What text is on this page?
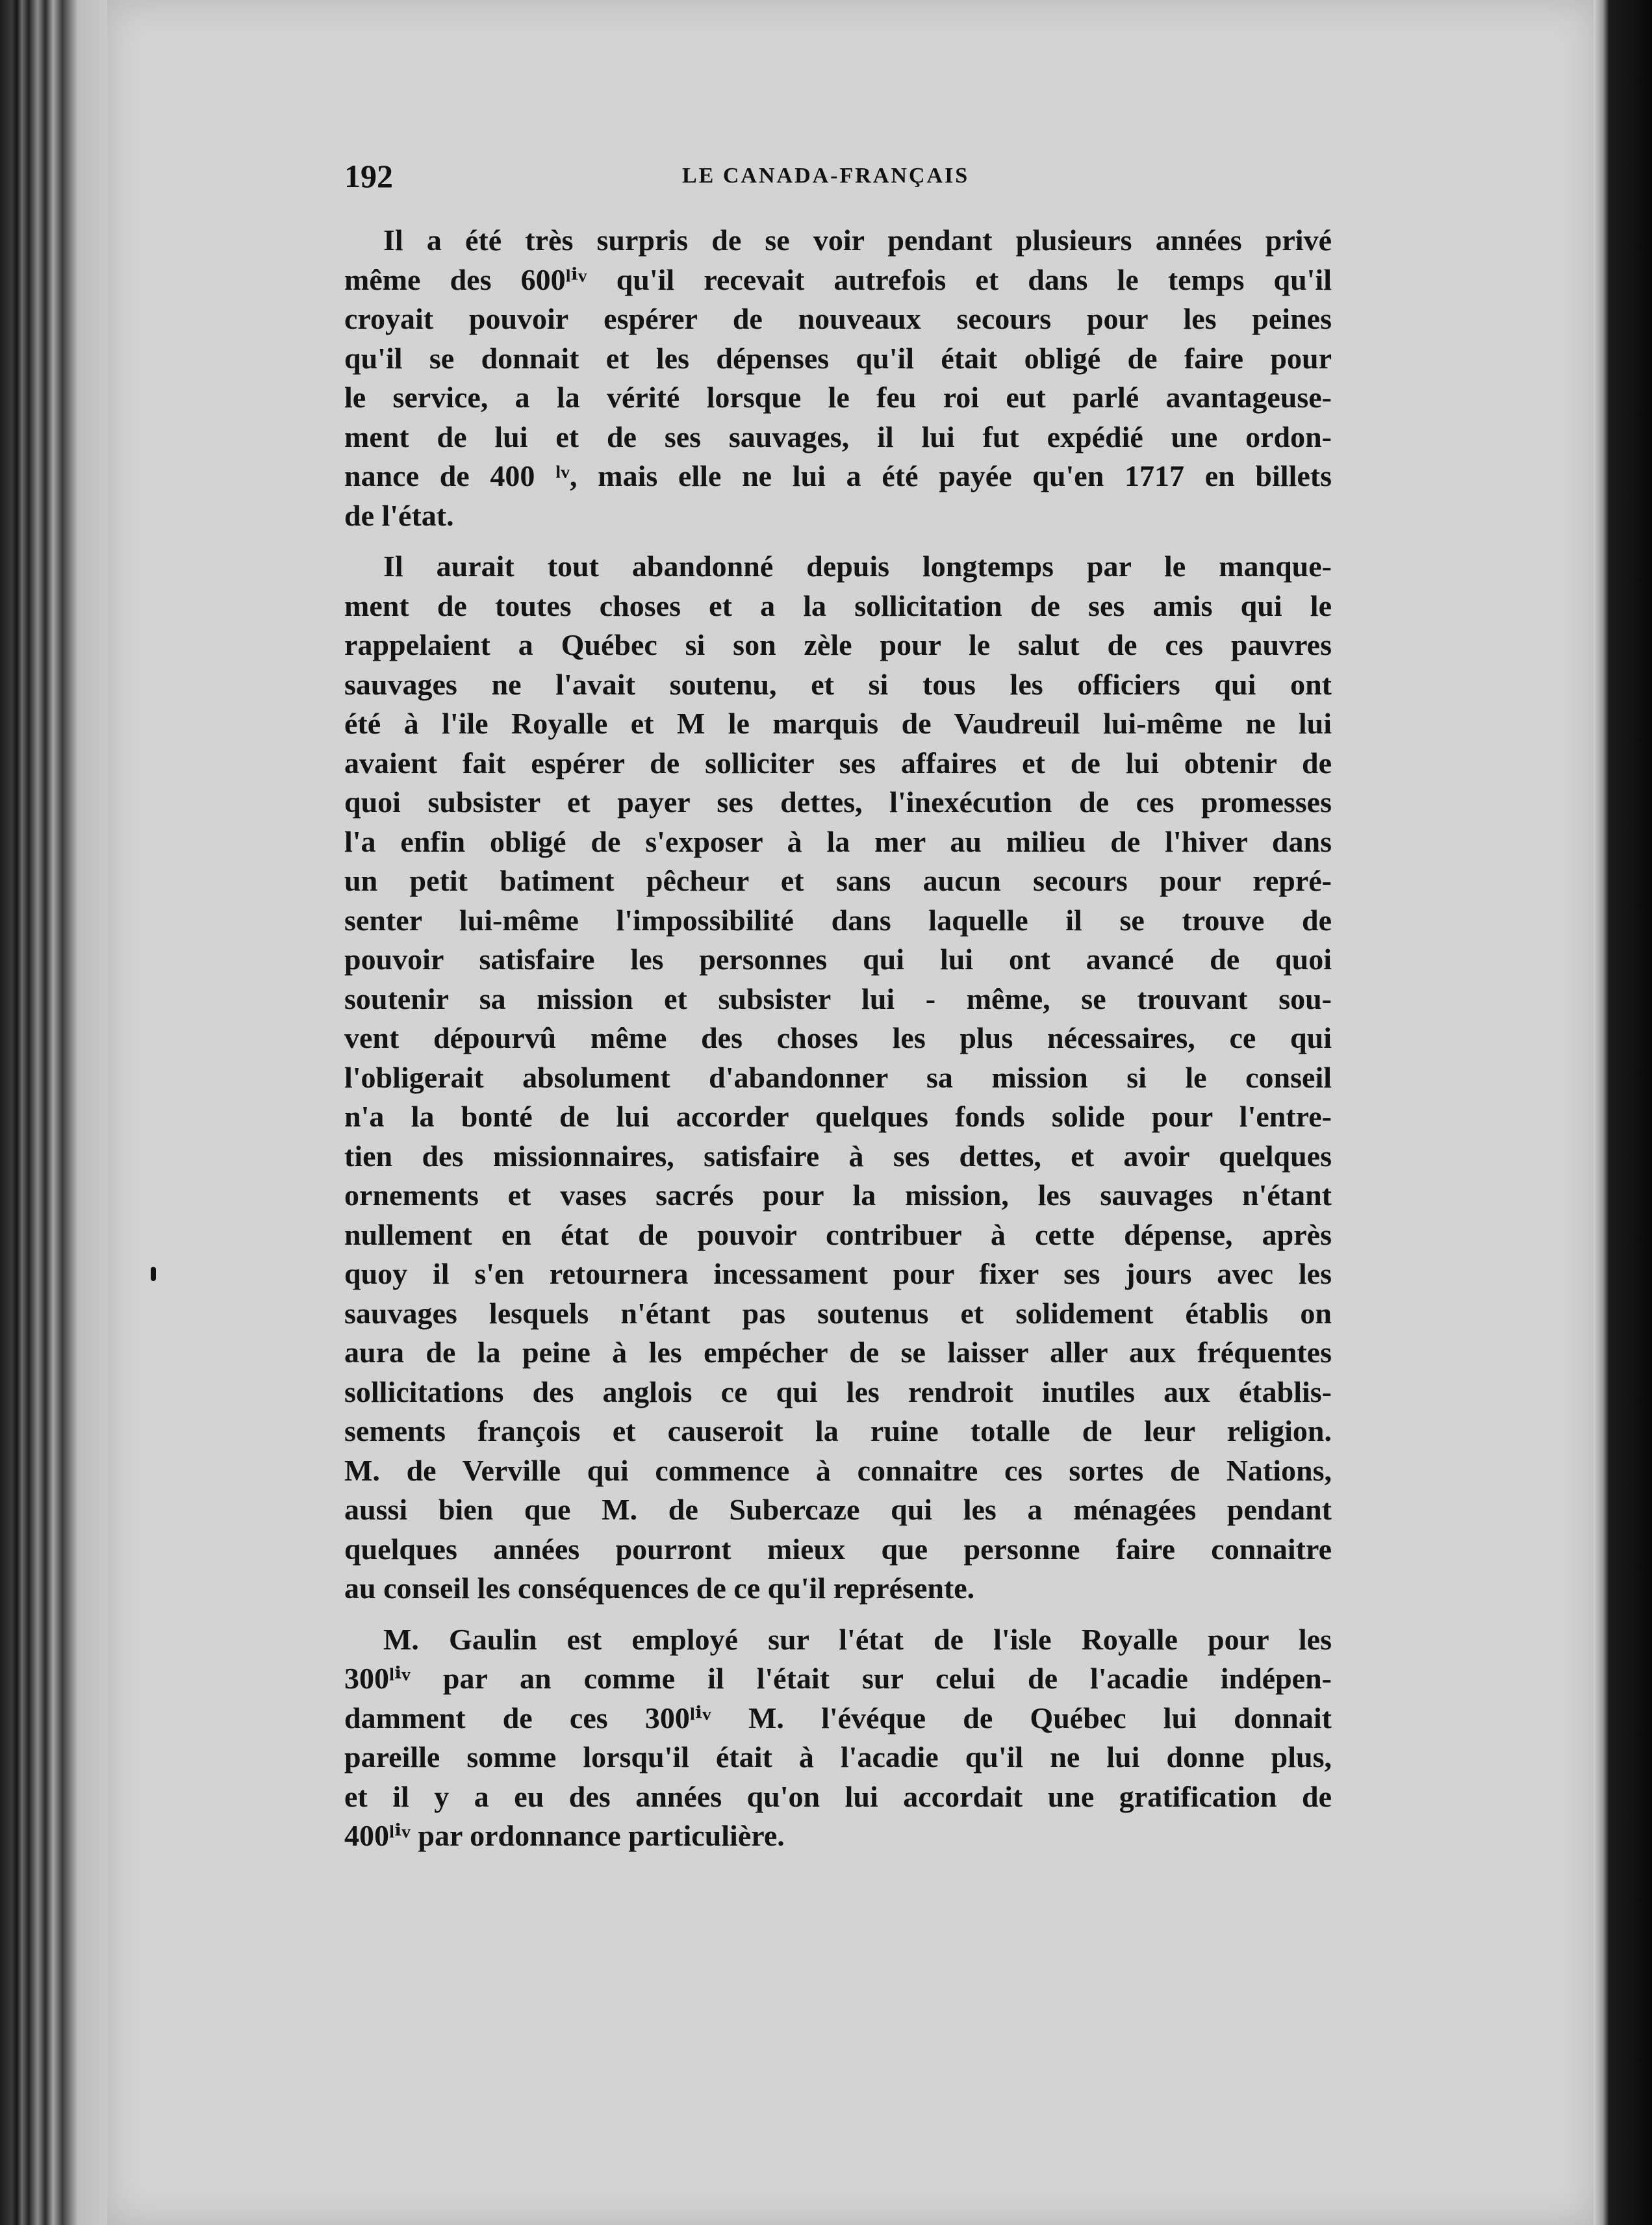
192	LE CANADA-FRANÇAIS
Il a été très surpris de se voir pendant plusieurs années privé
même des 600ˡⁱᵛ qu'il recevait autrefois et dans le temps qu'il
croyait pouvoir espérer de nouveaux secours pour les peines
qu'il se donnait et les dépenses qu'il était obligé de faire pour
le service, a la vérité lorsque le feu roi eut parlé avantageuse-
ment de lui et de ses sauvages, il lui fut expédié une ordon-
nance de 400 ˡᵛ, mais elle ne lui a été payée qu'en 1717 en billets
de l'état.
Il aurait tout abandonné depuis longtemps par le manque-
ment de toutes choses et a la sollicitation de ses amis qui le
rappelaient a Québec si son zèle pour le salut de ces pauvres
sauvages ne l'avait soutenu, et si tous les officiers qui ont
été à l'ile Royalle et M le marquis de Vaudreuil lui-même ne lui
avaient fait espérer de solliciter ses affaires et de lui obtenir de
quoi subsister et payer ses dettes, l'inexécution de ces promesses
l'a enfin obligé de s'exposer à la mer au milieu de l'hiver dans
un petit batiment pêcheur et sans aucun secours pour repré-
senter lui-même l'impossibilité dans laquelle il se trouve de
pouvoir satisfaire les personnes qui lui ont avancé de quoi
soutenir sa mission et subsister lui - même, se trouvant sou-
vent dépourvû même des choses les plus nécessaires, ce qui
l'obligerait absolument d'abandonner sa mission si le conseil
n'a la bonté de lui accorder quelques fonds solide pour l'entre-
tien des missionnaires, satisfaire à ses dettes, et avoir quelques
ornements et vases sacrés pour la mission, les sauvages n'étant
nullement en état de pouvoir contribuer à cette dépense, après
quoy il s'en retournera incessament pour fixer ses jours avec les
sauvages lesquels n'étant pas soutenus et solidement établis on
aura de la peine à les empécher de se laisser aller aux fréquentes
sollicitations des anglois ce qui les rendroit inutiles aux établis-
sements françois et causeroit la ruine totalle de leur religion.
M. de Verville qui commence à connaitre ces sortes de Nations,
aussi bien que M. de Subercaze qui les a ménagées pendant
quelques années pourront mieux que personne faire connaitre
au conseil les conséquences de ce qu'il représente.
M. Gaulin est employé sur l'état de l'isle Royalle pour les
300ˡⁱᵛ par an comme il l'était sur celui de l'acadie indépen-
damment de ces 300ˡⁱᵛ M. l'évéque de Québec lui donnait
pareille somme lorsqu'il était à l'acadie qu'il ne lui donne plus,
et il y a eu des années qu'on lui accordait une gratification de
400ˡⁱᵛ par ordonnance particulière.
